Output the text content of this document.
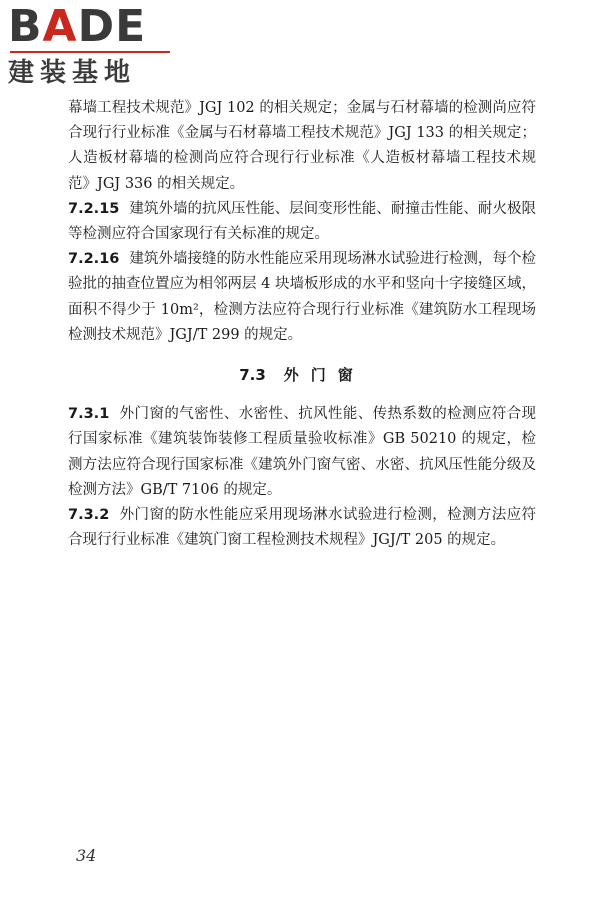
BADE
建装基地

幕墙工程技术规范》JGJ 102 的相关规定；金属与石材幕墙的检测尚应符合现行行业标准《金属与石材幕墙工程技术规范》JGJ 133 的相关规定；人造板材幕墙的检测尚应符合现行行业标准《人造板材幕墙工程技术规范》JGJ 336 的相关规定。

7.2.15 建筑外墙的抗风压性能、层间变形性能、耐撞击性能、耐火极限等检测应符合国家现行有关标准的规定。

7.2.16 建筑外墙接缝的防水性能应采用现场淋水试验进行检测，每个检验批的抽查位置应为相邻两层 4 块墙板形成的水平和竖向十字接缝区域，面积不得少于 10m²，检测方法应符合现行行业标准《建筑防水工程现场检测技术规范》JGJ/T 299 的规定。

7.3 外门窗

7.3.1 外门窗的气密性、水密性、抗风性能、传热系数的检测应符合现行国家标准《建筑装饰装修工程质量验收标准》GB 50210 的规定，检测方法应符合现行国家标准《建筑外门窗气密、水密、抗风压性能分级及检测方法》GB/T 7106 的规定。

7.3.2 外门窗的防水性能应采用现场淋水试验进行检测，检测方法应符合现行行业标准《建筑门窗工程检测技术规程》JGJ/T 205 的规定。

34
